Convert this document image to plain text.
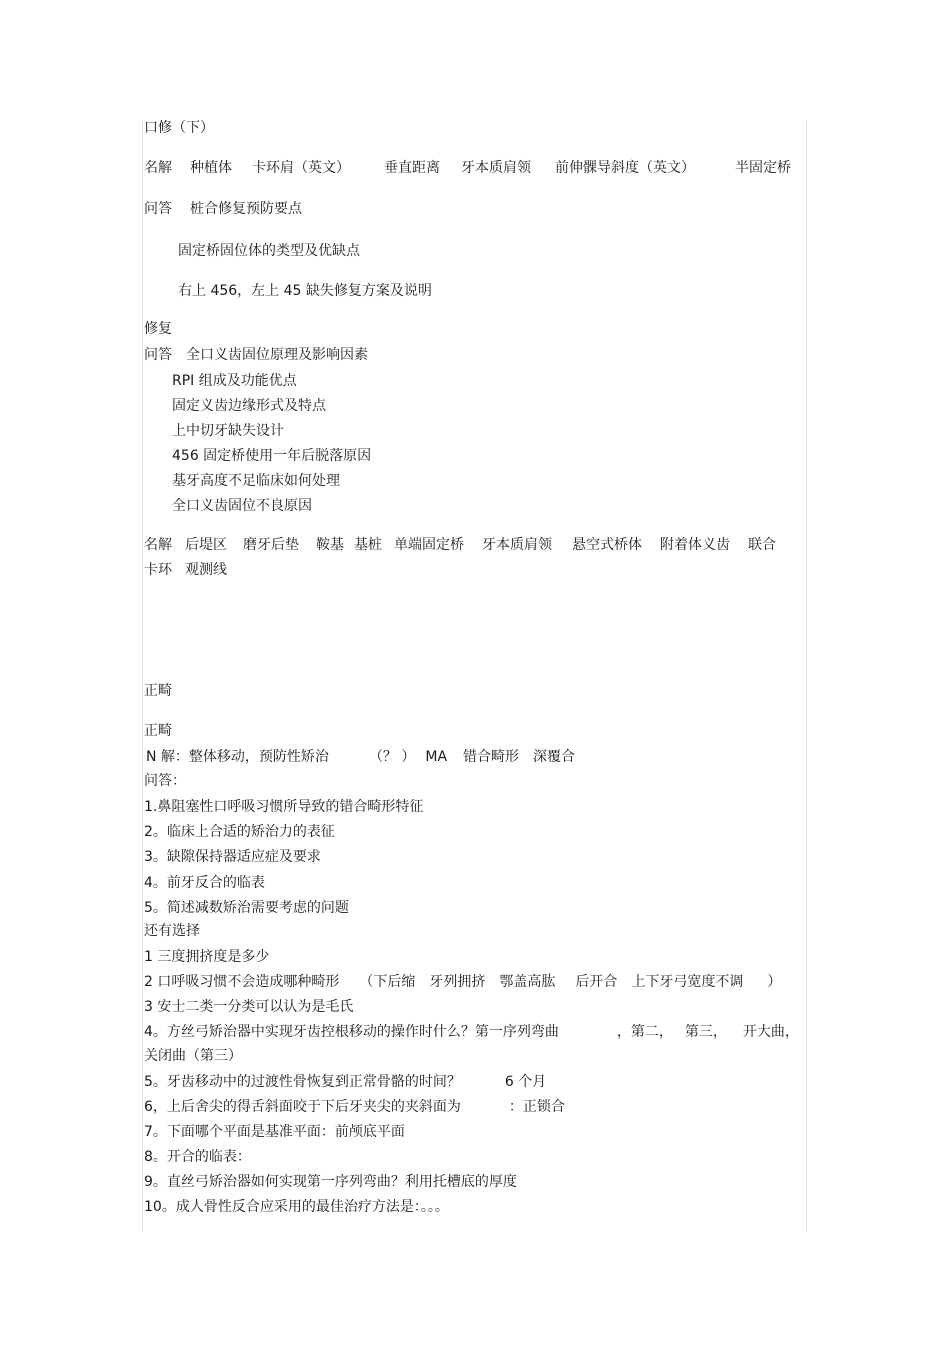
口修（下）
名解 种植体 卡环肩（英文） 垂直距离 牙本质肩领 前伸髁导斜度（英文）	半固定桥
问答 桩合修复预防要点
固定桥固位体的类型及优缺点
右上 456，左上 45 缺失修复方案及说明
修复
问答 全口义齿固位原理及影响因素
RPI 组成及功能优点
固定义齿边缘形式及特点
上中切牙缺失设计
456 固定桥使用一年后脱落原因
基牙高度不足临床如何处理
全口义齿固位不良原因
名解 后堤区 磨牙后垫 鞍基 基桩 单端固定桥 牙本质肩领 悬空式桥体 附着体义齿 联合
卡环 观测线
正畸
正畸
N 解：整体移动，预防性矫治	（？ ） MA 错合畸形 深覆合
问答：
1.鼻阻塞性口呼吸习惯所导致的错合畸形特征
2。临床上合适的矫治力的表征
3。缺隙保持器适应症及要求
4。前牙反合的临表
5。简述减数矫治需要考虑的问题
还有选择
1 三度拥挤度是多少
2 口呼吸习惯不会造成哪种畸形 （下后缩 牙列拥挤 鄂盖高肱 后开合 上下牙弓宽度不调 ）
3 安士二类一分类可以认为是毛氏
4。方丝弓矫治器中实现牙齿控根移动的操作时什么？第一序列弯曲	，第二， 第三， 开大曲，
关闭曲（第三）
5。牙齿移动中的过渡性骨恢复到正常骨骼的时间？	6 个月
6，上后舍尖的得舌斜面咬于下后牙夹尖的夹斜面为	：正锁合
7。下面哪个平面是基准平面：前颅底平面
8。开合的临表：
9。直丝弓矫治器如何实现第一序列弯曲？利用托槽底的厚度
10。成人骨性反合应采用的最佳治疗方法是：。。。
